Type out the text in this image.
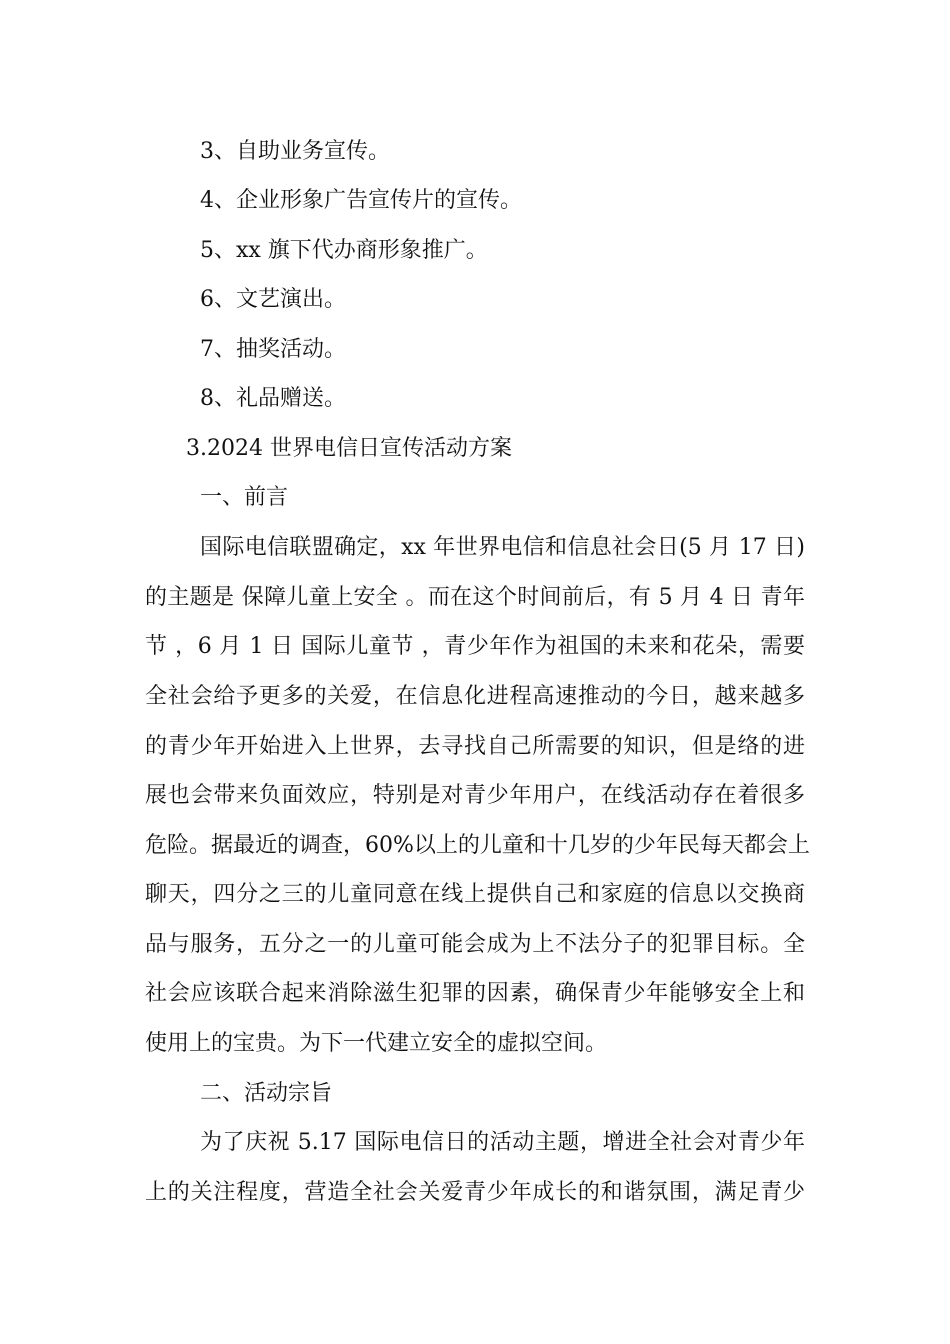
3、自助业务宣传。

4、企业形象广告宣传片的宣传。

5、xx 旗下代办商形象推广。

6、文艺演出。

7、抽奖活动。

8、礼品赠送。

3.2024 世界电信日宣传活动方案

一、前言

国际电信联盟确定，xx 年世界电信和信息社会日(5 月 17 日)

的主题是 保障儿童上安全 。而在这个时间前后，有 5 月 4 日 青年

节 ，6 月 1 日 国际儿童节 ，青少年作为祖国的未来和花朵，需要

全社会给予更多的关爱，在信息化进程高速推动的今日，越来越多

的青少年开始进入上世界，去寻找自己所需要的知识，但是络的进

展也会带来负面效应，特别是对青少年用户，在线活动存在着很多

危险。据最近的调查，60%以上的儿童和十几岁的少年民每天都会上

聊天，四分之三的儿童同意在线上提供自己和家庭的信息以交换商

品与服务，五分之一的儿童可能会成为上不法分子的犯罪目标。全

社会应该联合起来消除滋生犯罪的因素，确保青少年能够安全上和

使用上的宝贵。为下一代建立安全的虚拟空间。

二、活动宗旨

为了庆祝 5.17 国际电信日的活动主题，增进全社会对青少年

上的关注程度，营造全社会关爱青少年成长的和谐氛围，满足青少
